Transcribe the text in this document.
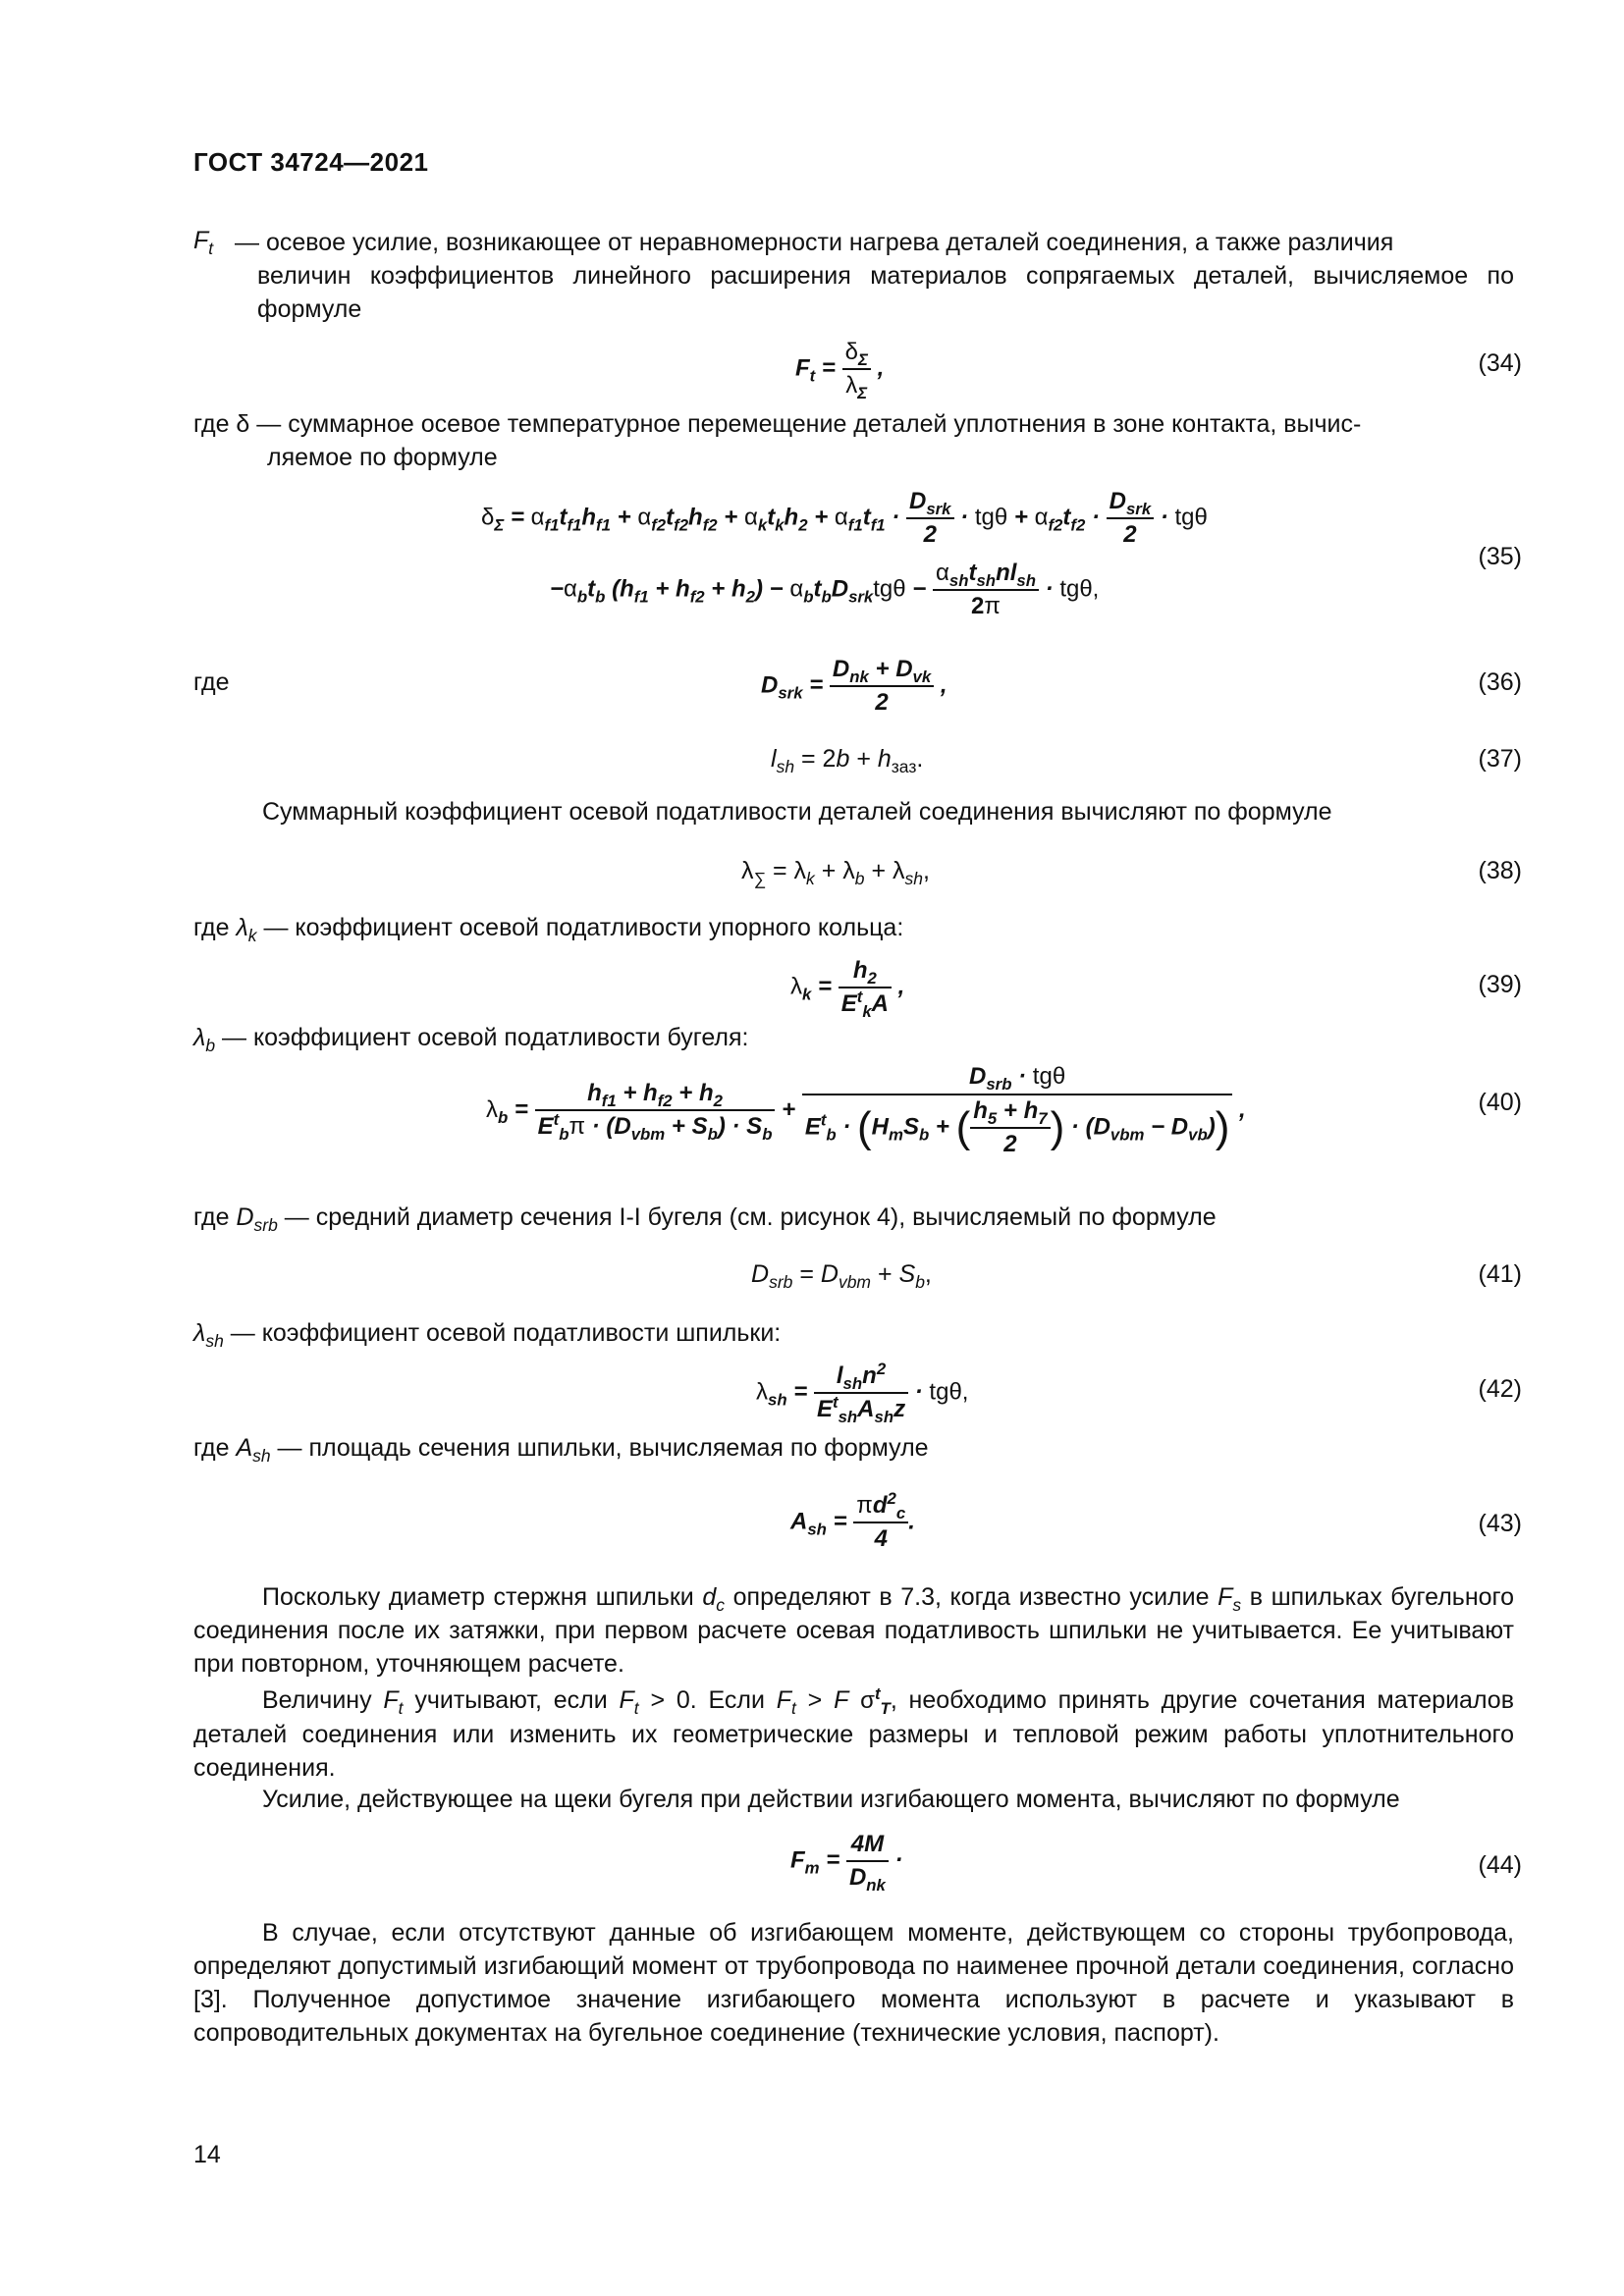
ГОСТ 34724—2021
$F_t$ — осевое усилие, возникающее от неравномерности нагрева деталей соединения, а также различия
величин коэффициентов линейного расширения материалов сопрягаемых деталей, вычисляемое по формуле
$F_t = \frac{\delta_\Sigma}{\lambda_\Sigma}$ ,	(34)
где δ — суммарное осевое температурное перемещение деталей уплотнения в зоне контакта, вычис-
ляемое по формуле
$\delta_\Sigma = \alpha_{f1}t_{f1}h_{f1} + \alpha_{f2}t_{f2}h_{f2} + \alpha_kt_kh_2 + \alpha_{f1}t_{f1} \cdot \frac{D_{srk}}{2} \cdot tg\theta + \alpha_{f2}t_{f2} \cdot \frac{D_{srk}}{2} \cdot tg\theta$
$-\alpha_bt_b$ $(h_{f1} + h_{f2} + h_2) - \alpha_bt_bD_{srk}tg\theta - \frac{\alpha_{sh}t_{sh}nl_{sh}}{2\pi} \cdot tg\theta$,
(35)
где	$D_{srk} = \frac{D_{nk} + D_{vk}}{2}$ ,	(36)
$l_{sh} = 2b + h_{заз}$.	(37)
Суммарный коэффициент осевой податливости деталей соединения вычисляют по формуле
$\lambda_\sum = \lambda_k + \lambda_b + \lambda_{sh}$,	(38)
где $\lambda_k$ — коэффициент осевой податливости упорного кольца:
$\lambda_k = \frac{h_2}{E^t_kA}$ ,	(39)
$\lambda_b$ — коэффициент осевой податливости бугеля:
$\lambda_b = \frac{h_{f1} + h_{f2} + h_2}{E^t_b\pi \cdot (D_{vbm} + S_b) \cdot S_b} + \frac{D_{srb} \cdot tg\theta}{E^t_b \cdot (H_mS_b + ( \frac{h_5 + h_7}{2} ) \cdot (D_{vbm} - D_{vb}))}$ ,	(40)
где $D_{srb}$ — средний диаметр сечения I-I бугеля (см. рисунок 4), вычисляемый по формуле
$D_{srb} = D_{vbm} + S_b$,	(41)
$\lambda_{sh}$ — коэффициент осевой податливости шпильки:
$\lambda_{sh} = \frac{l_{sh}n^2}{E^t_{sh}A_{sh}z} \cdot tg\theta$,	(42)
где $A_{sh}$ — площадь сечения шпильки, вычисляемая по формуле
$A_{sh} = \frac{\pi d^2_c}{4}$ .	(43)
Поскольку диаметр стержня шпильки $d_c$ определяют в 7.3, когда известно усилие $F_s$ в шпильках бугельного соединения после их затяжки, при первом расчете осевая податливость шпильки не учитывается. Ее учитывают при повторном, уточняющем расчете.
Величину $F_t$ учитывают, если $F_t > 0$. Если $F_t > F$ $\sigma^t_T$, необходимо принять другие сочетания материалов деталей соединения или изменить их геометрические размеры и тепловой режим работы уплотнительного соединения.
Усилие, действующее на щеки бугеля при действии изгибающего момента, вычисляют по формуле
$F_m = \frac{4M}{D_{nk}}$ ·	(44)
В случае, если отсутствуют данные об изгибающем моменте, действующем со стороны трубопровода, определяют допустимый изгибающий момент от трубопровода по наименее прочной детали соединения, согласно [3]. Полученное допустимое значение изгибающего момента используют в расчете и указывают в сопроводительных документах на бугельное соединение (технические условия, паспорт).
14
